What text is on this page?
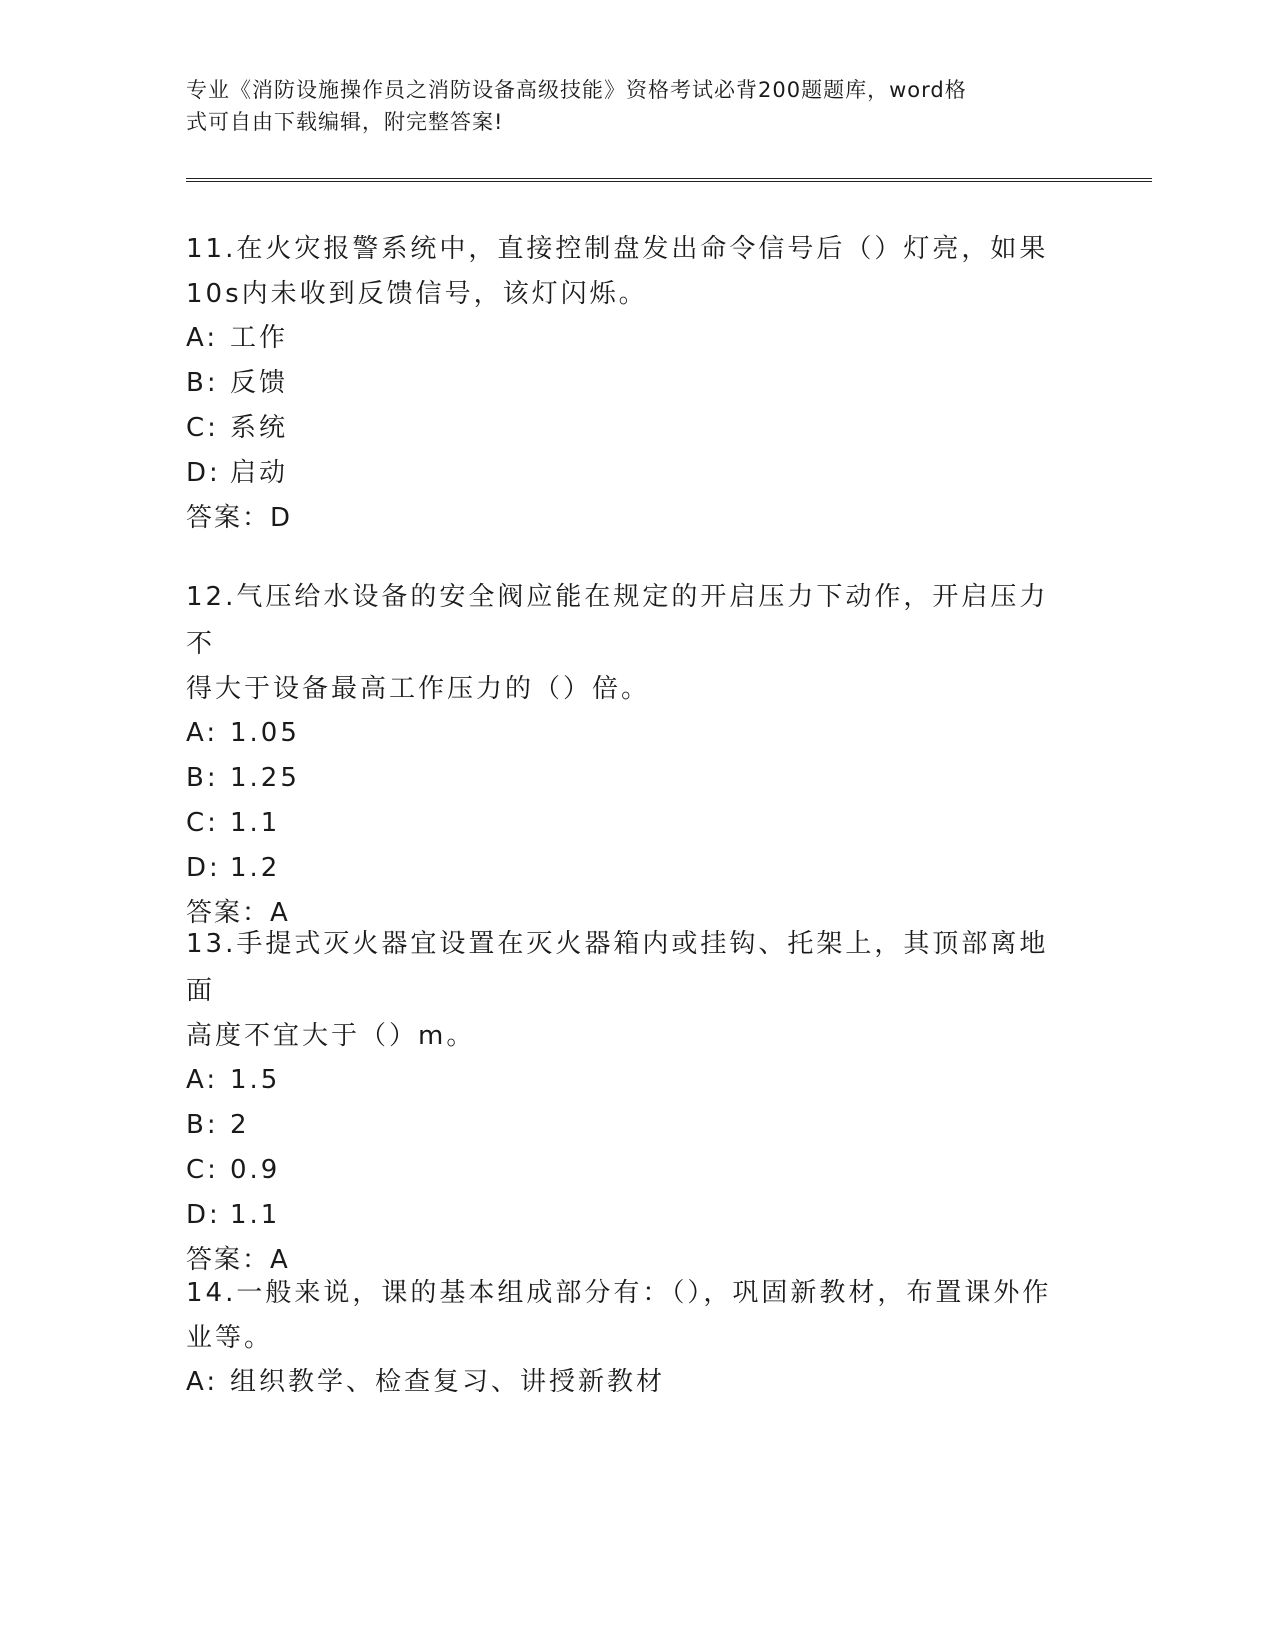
专业《消防设施操作员之消防设备高级技能》资格考试必背200题题库，word格
式可自由下载编辑，附完整答案!
11.在火灾报警系统中，直接控制盘发出命令信号后（）灯亮，如果
10s内未收到反馈信号，该灯闪烁。
A: 工作
B: 反馈
C: 系统
D: 启动
答案：D
12.气压给水设备的安全阀应能在规定的开启压力下动作，开启压力不
得大于设备最高工作压力的（）倍。
A: 1.05
B: 1.25
C: 1.1
D: 1.2
答案：A
13.手提式灭火器宜设置在灭火器箱内或挂钩、托架上，其顶部离地面
高度不宜大于（）m。
A: 1.5
B: 2
C: 0.9
D: 1.1
答案：A
14.一般来说，课的基本组成部分有：（），巩固新教材，布置课外作
业等。
A: 组织教学、检查复习、讲授新教材
